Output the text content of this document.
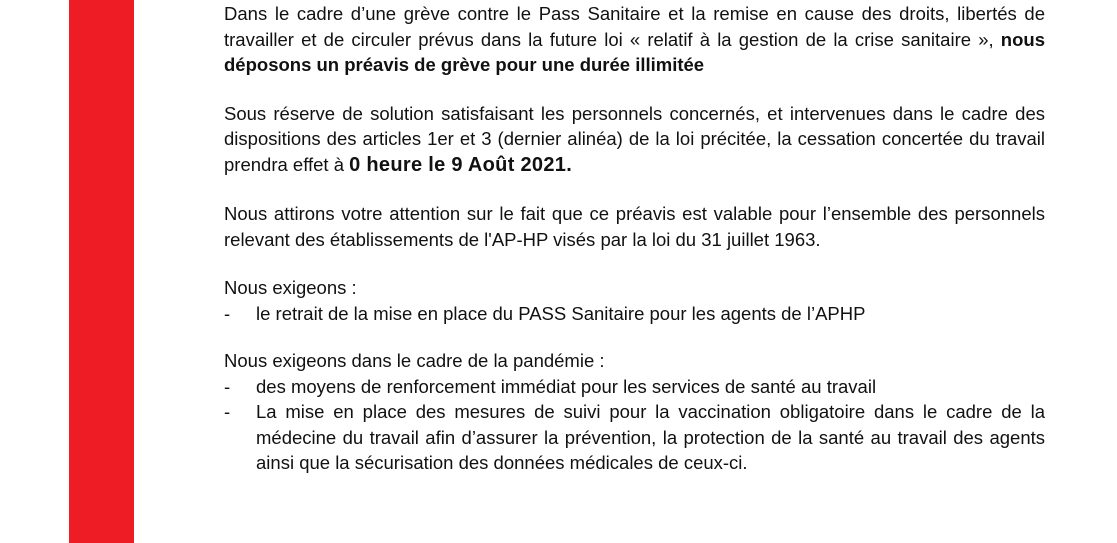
Dans le cadre d’une grève contre le Pass Sanitaire et la remise en cause des droits, libertés de travailler et de circuler prévus dans la future loi « relatif à la gestion de la crise sanitaire », nous déposons un préavis de grève pour une durée illimitée

Sous réserve de solution satisfaisant les personnels concernés, et intervenues dans le cadre des dispositions des articles 1er et 3 (dernier alinéa) de la loi précitée, la cessation concertée du travail prendra effet à 0 heure le 9 Août 2021.

Nous attirons votre attention sur le fait que ce préavis est valable pour l’ensemble des personnels relevant des établissements de l'AP-HP visés par la loi du 31 juillet 1963.

Nous exigeons :

- le retrait de la mise en place du PASS Sanitaire pour les agents de l’APHP

Nous exigeons dans le cadre de la pandémie :

- des moyens de renforcement immédiat pour les services de santé au travail
- La mise en place des mesures de suivi pour la vaccination obligatoire dans le cadre de la médecine du travail afin d’assurer la prévention, la protection de la santé au travail des agents ainsi que la sécurisation des données médicales de ceux-ci.
